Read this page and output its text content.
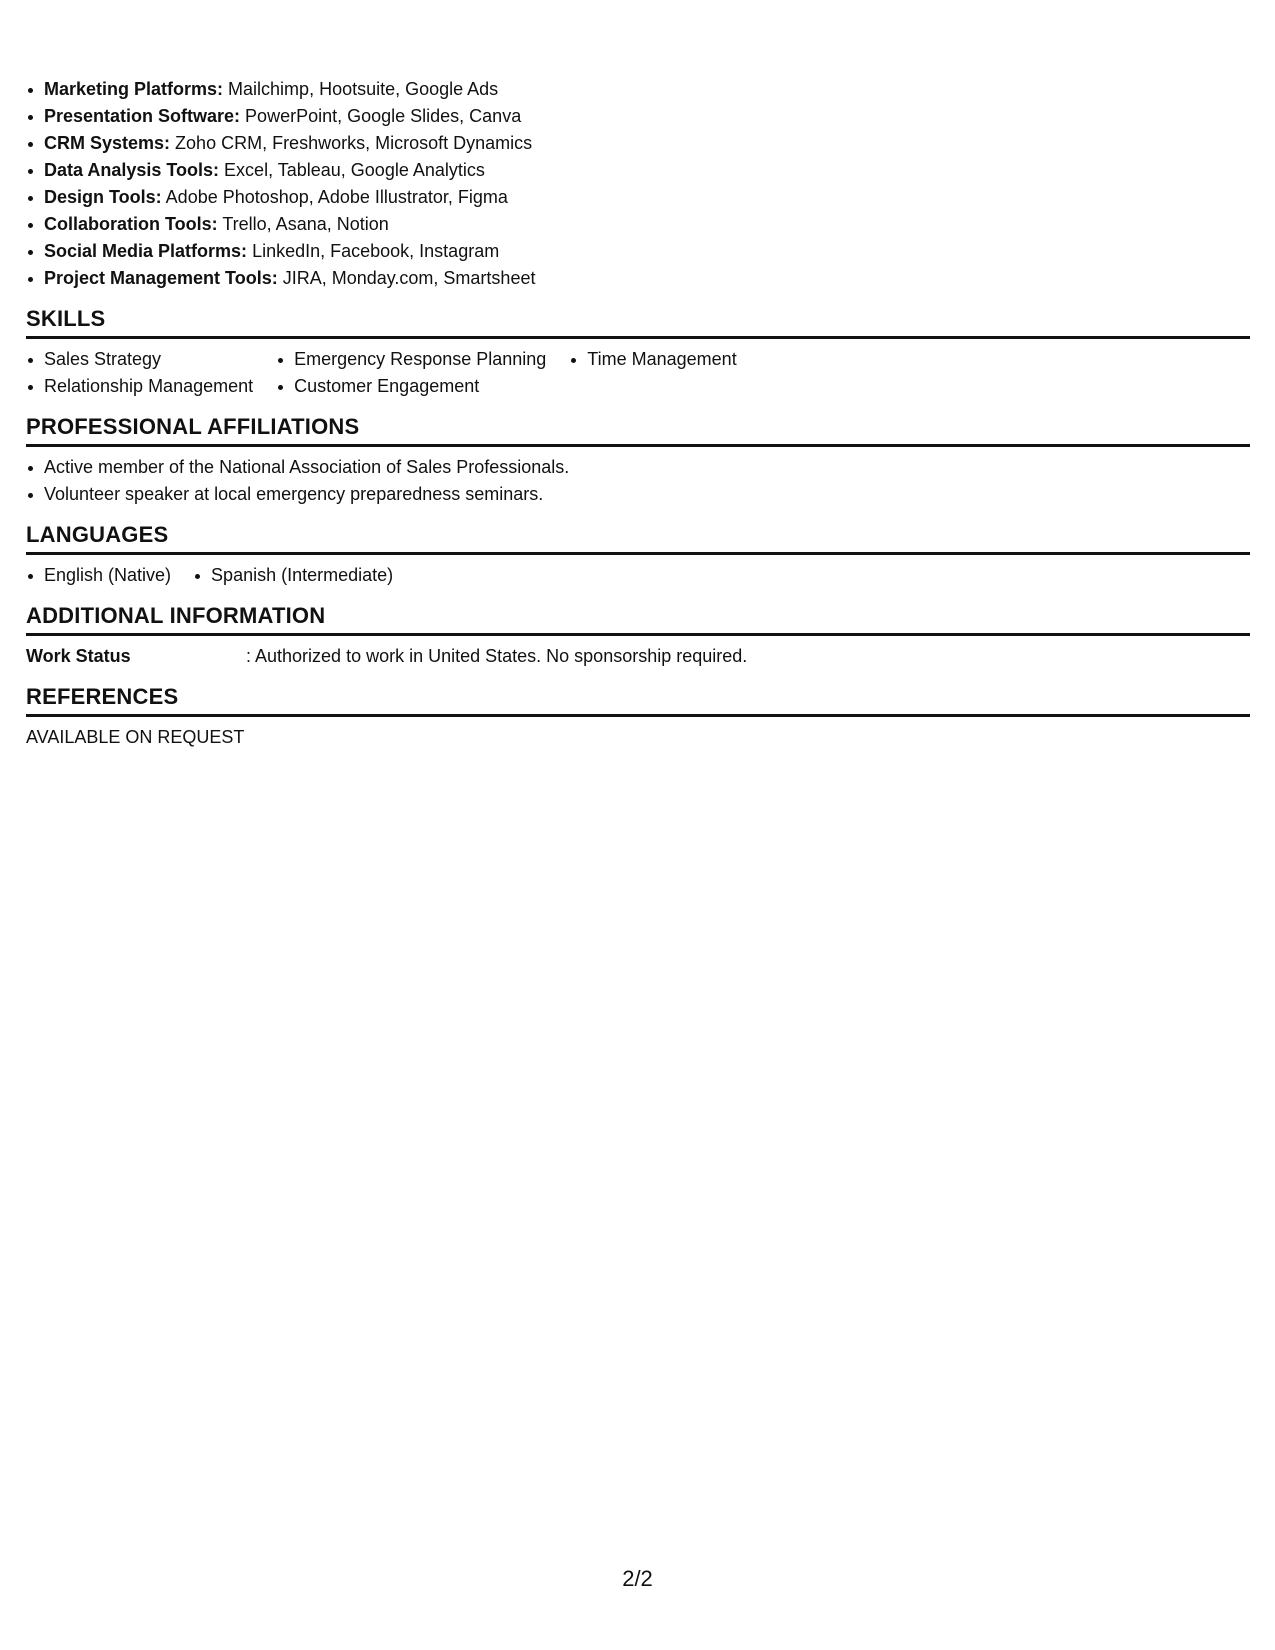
Marketing Platforms: Mailchimp, Hootsuite, Google Ads
Presentation Software: PowerPoint, Google Slides, Canva
CRM Systems: Zoho CRM, Freshworks, Microsoft Dynamics
Data Analysis Tools: Excel, Tableau, Google Analytics
Design Tools: Adobe Photoshop, Adobe Illustrator, Figma
Collaboration Tools: Trello, Asana, Notion
Social Media Platforms: LinkedIn, Facebook, Instagram
Project Management Tools: JIRA, Monday.com, Smartsheet
SKILLS
Sales Strategy
Relationship Management
Emergency Response Planning
Customer Engagement
Time Management
PROFESSIONAL AFFILIATIONS
Active member of the National Association of Sales Professionals.
Volunteer speaker at local emergency preparedness seminars.
LANGUAGES
English (Native)	Spanish (Intermediate)
ADDITIONAL INFORMATION
Work Status	: Authorized to work in United States. No sponsorship required.
REFERENCES
AVAILABLE ON REQUEST
2/2
